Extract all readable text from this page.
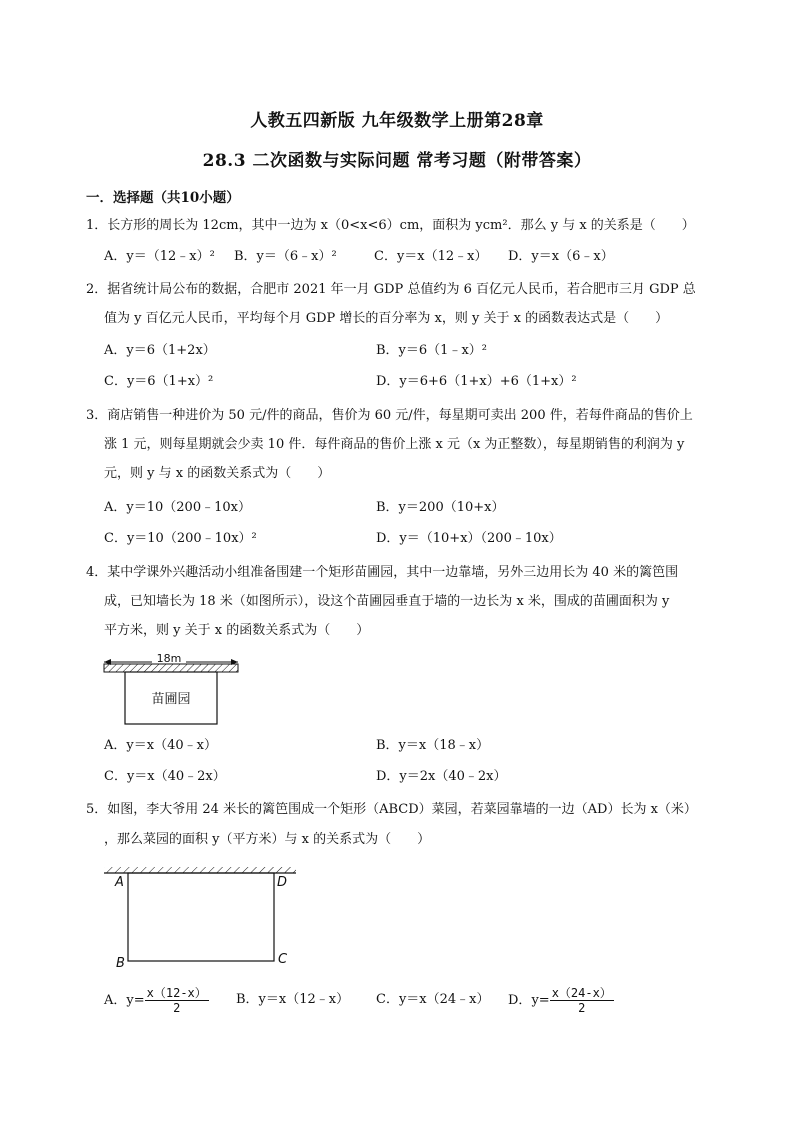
人教五四新版 九年级数学上册第28章
28.3 二次函数与实际问题 常考习题（附带答案）
一．选择题（共10小题）
1．长方形的周长为 12cm，其中一边为 x（0<x<6）cm，面积为 ycm²．那么 y 与 x 的关系是（　　）
A．y＝（12﹣x）² B．y＝（6﹣x）²	C．y＝x（12﹣x） D．y＝x（6﹣x）
2．据省统计局公布的数据，合肥市 2021 年一月 GDP 总值约为 6 百亿元人民币，若合肥市三月 GDP 总
值为 y 百亿元人民币，平均每个月 GDP 增长的百分率为 x，则 y 关于 x 的函数表达式是（　　）
A．y＝6（1+2x）	B．y＝6（1﹣x）²
C．y＝6（1+x）²	D．y＝6+6（1+x）+6（1+x）²
3．商店销售一种进价为 50 元/件的商品，售价为 60 元/件，每星期可卖出 200 件，若每件商品的售价上
涨 1 元，则每星期就会少卖 10 件．每件商品的售价上涨 x 元（x 为正整数），每星期销售的利润为 y
元，则 y 与 x 的函数关系式为（　　）
A．y＝10（200﹣10x）	B．y＝200（10+x）
C．y＝10（200﹣10x）²	D．y＝（10+x）（200﹣10x）
4．某中学课外兴趣活动小组准备围建一个矩形苗圃园，其中一边靠墙，另外三边用长为 40 米的篱笆围
成，已知墙长为 18 米（如图所示），设这个苗圃园垂直于墙的一边长为 x 米，围成的苗圃面积为 y
平方米，则 y 关于 x 的函数关系式为（　　）
18m
苗圃园
A．y＝x（40﹣x）	B．y＝x（18﹣x）
C．y＝x（40﹣2x）	D．y＝2x（40﹣2x）
5．如图，李大爷用 24 米长的篱笆围成一个矩形（ABCD）菜园，若菜园靠墙的一边（AD）长为 x（米）
，那么菜园的面积 y（平方米）与 x 的关系式为（　　）
A	D
B	C
A．$y= \frac{x(12-x)}{2}$ B．y＝x（12﹣x） C．y＝x（24﹣x） D．$y= \frac{x(24-x)}{2}$
